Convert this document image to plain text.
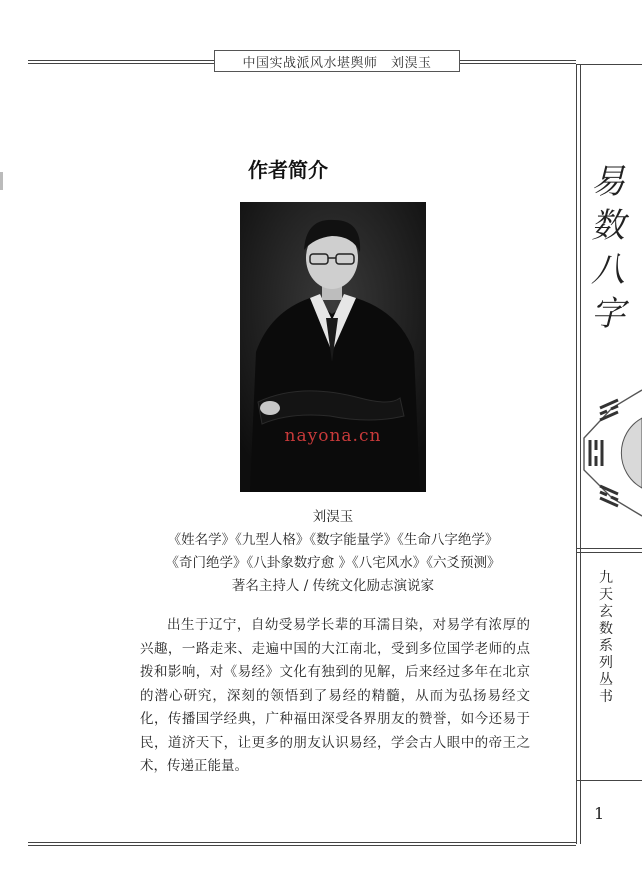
中国实战派风水堪舆师　刘淏玉
易
数
八
字
九
天
玄
数
系
列
丛
书
1
作者简介
nayona.cn
刘淏玉
《姓名学》《九型人格》《数字能量学》《生命八字绝学》
《奇门绝学》《八卦象数疗愈 》《八宅风水》《六爻预测》
著名主持人 / 传统文化励志演说家
出生于辽宁，自幼受易学长辈的耳濡目染，对易学有浓厚的兴趣，一路走来、走遍中国的大江南北，受到多位国学老师的点拨和影响，对《易经》文化有独到的见解，后来经过多年在北京的潜心研究，深刻的领悟到了易经的精髓，从而为弘扬易经文化，传播国学经典，广种福田深受各界朋友的赞誉，如今还易于民，道济天下，让更多的朋友认识易经，学会古人眼中的帝王之术，传递正能量。
